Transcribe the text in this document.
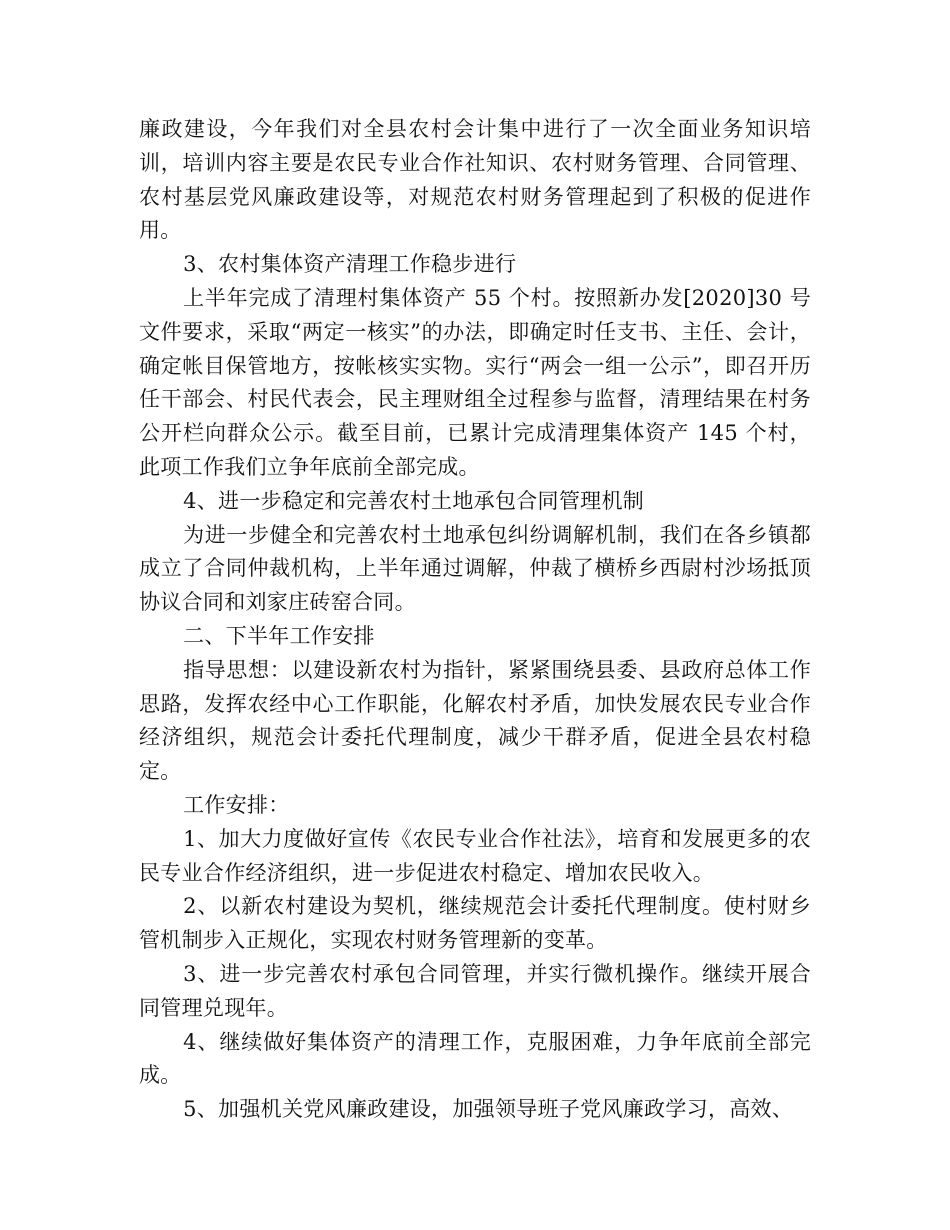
廉政建设，今年我们对全县农村会计集中进行了一次全面业务知识培训，培训内容主要是农民专业合作社知识、农村财务管理、合同管理、农村基层党风廉政建设等，对规范农村财务管理起到了积极的促进作用。

3、农村集体资产清理工作稳步进行

上半年完成了清理村集体资产 55 个村。按照新办发[2020]30 号文件要求，采取“两定一核实”的办法，即确定时任支书、主任、会计，确定帐目保管地方，按帐核实实物。实行“两会一组一公示”，即召开历任干部会、村民代表会，民主理财组全过程参与监督，清理结果在村务公开栏向群众公示。截至目前，已累计完成清理集体资产 145 个村，此项工作我们立争年底前全部完成。

4、进一步稳定和完善农村土地承包合同管理机制

为进一步健全和完善农村土地承包纠纷调解机制，我们在各乡镇都成立了合同仲裁机构，上半年通过调解，仲裁了横桥乡西尉村沙场抵顶协议合同和刘家庄砖窑合同。

二、下半年工作安排

指导思想：以建设新农村为指针，紧紧围绕县委、县政府总体工作思路，发挥农经中心工作职能，化解农村矛盾，加快发展农民专业合作经济组织，规范会计委托代理制度，减少干群矛盾，促进全县农村稳定。

工作安排：

1、加大力度做好宣传《农民专业合作社法》，培育和发展更多的农民专业合作经济组织，进一步促进农村稳定、增加农民收入。

2、以新农村建设为契机，继续规范会计委托代理制度。使村财乡管机制步入正规化，实现农村财务管理新的变革。

3、进一步完善农村承包合同管理，并实行微机操作。继续开展合同管理兑现年。

4、继续做好集体资产的清理工作，克服困难，力争年底前全部完成。

5、加强机关党风廉政建设，加强领导班子党风廉政学习，高效、
